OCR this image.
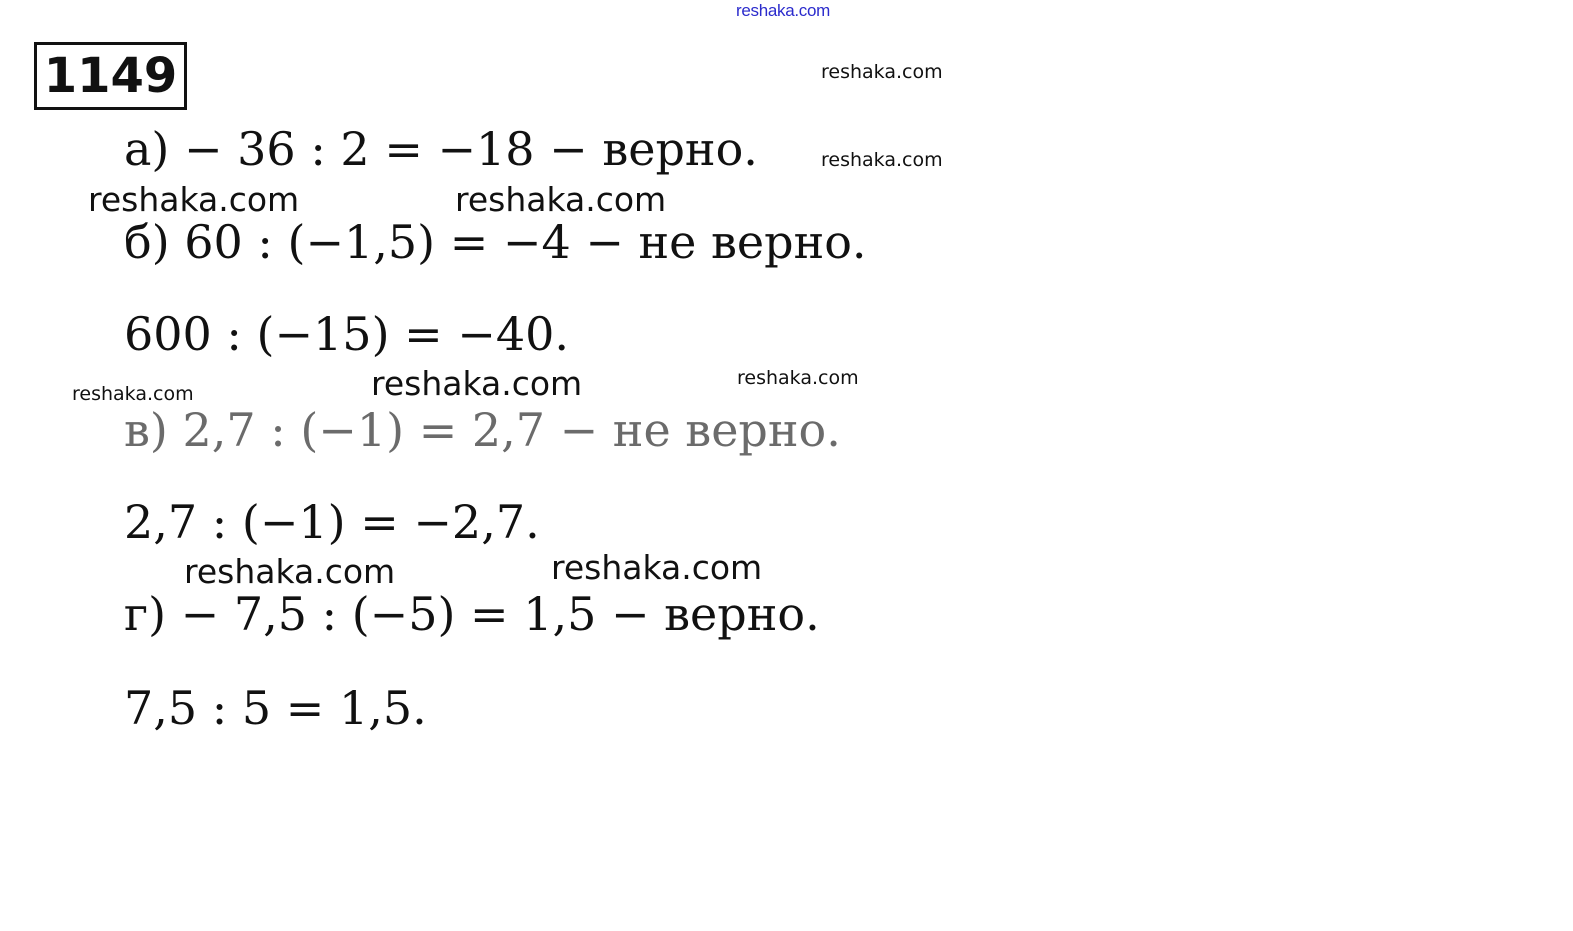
reshaka.com
1149	reshaka.com
а) − 36 : 2 = −18 − верно.	reshaka.com
reshaka.com	reshaka.com
б) 60 : (−1,5) = −4 − не верно.
600 : (−15) = −40.
reshaka.com	reshaka.com	reshaka.com
в) 2,7 : (−1) = 2,7 − не верно.
2,7 : (−1) = −2,7.
reshaka.com	reshaka.com
г) − 7,5 : (−5) = 1,5 − верно.
7,5 : 5 = 1,5.
